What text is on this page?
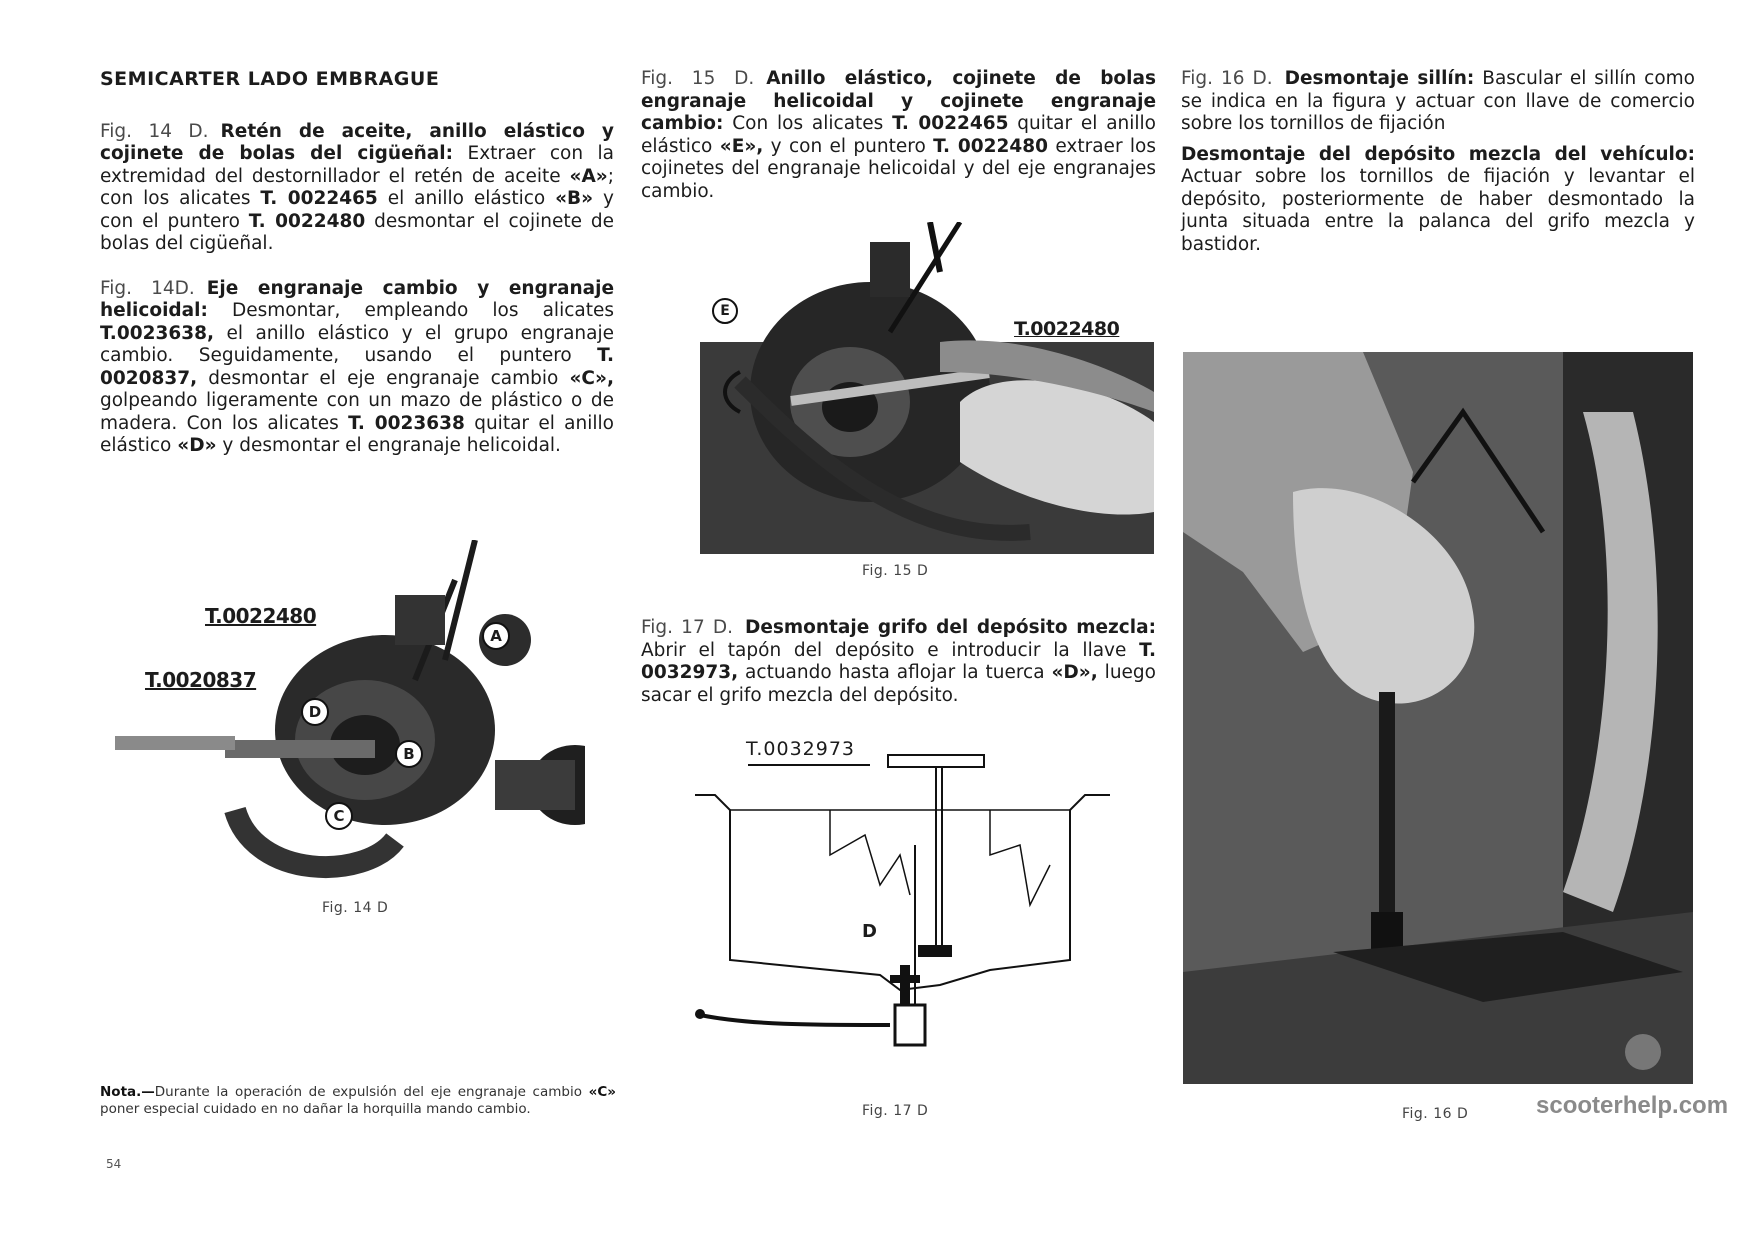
SEMICARTER LADO EMBRAGUE

Fig. 14 D. Retén de aceite, anillo elástico y cojinete de bolas del cigüeñal: Extraer con la extremidad del destornillador el retén de aceite «A»; con los alicates T. 0022465 el anillo elástico «B» y con el puntero T. 0022480 desmontar el cojinete de bolas del cigüeñal.

Fig. 14D. Eje engranaje cambio y engranaje helicoidal: Desmontar, empleando los alicates T.0023638, el anillo elástico y el grupo engranaje cambio. Seguidamente, usando el puntero T. 0020837, desmontar el eje engranaje cambio «C», golpeando ligeramente con un mazo de plástico o de madera. Con los alicates T. 0023638 quitar el anillo elástico «D» y desmontar el engranaje helicoidal.

A
B
C
D
T.0022480
T.0020837
Fig. 14 D

Nota.—Durante la operación de expulsión del eje engranaje cambio «C» poner especial cuidado en no dañar la horquilla mando cambio.

54

Fig. 15 D. Anillo elástico, cojinete de bolas engranaje helicoidal y cojinete engranaje cambio: Con los alicates T. 0022465 quitar el anillo elástico «E», y con el puntero T. 0022480 extraer los cojinetes del engranaje helicoidal y del eje engranajes cambio.

E
T.0022480
Fig. 15 D

Fig. 17 D. Desmontaje grifo del depósito mezcla: Abrir el tapón del depósito e introducir la llave T. 0032973, actuando hasta aflojar la tuerca «D», luego sacar el grifo mezcla del depósito.

T.0032973
D
Fig. 17 D

Fig. 16 D. Desmontaje sillín: Bascular el sillín como se indica en la figura y actuar con llave de comercio sobre los tornillos de fijación

Desmontaje del depósito mezcla del vehículo: Actuar sobre los tornillos de fijación y levantar el depósito, posteriormente de haber desmontado la junta situada entre la palanca del grifo mezcla y bastidor.

Fig. 16 D	scooterhelp.com
